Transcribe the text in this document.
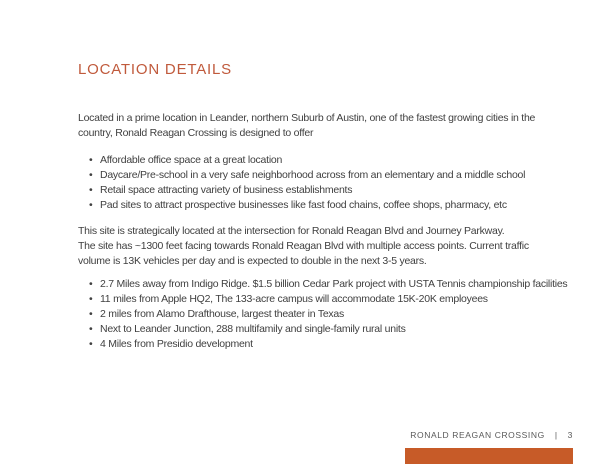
LOCATION DETAILS

Located in a prime location in Leander, northern Suburb of Austin, one of the fastest growing cities in the country, Ronald Reagan Crossing is designed to offer

• Affordable office space at a great location
• Daycare/Pre-school in a very safe neighborhood across from an elementary and a middle school
• Retail space attracting variety of business establishments
• Pad sites to attract prospective businesses like fast food chains, coffee shops, pharmacy, etc
This site is strategically located at the intersection for Ronald Reagan Blvd and Journey Parkway.
The site has ~1300 feet facing towards Ronald Reagan Blvd with multiple access points. Current traffic volume is 13K vehicles per day and is expected to double in the next 3-5 years.
• 2.7 Miles away from Indigo Ridge. $1.5 billion Cedar Park project with USTA Tennis championship facilities
• 11 miles from Apple HQ2, The 133-acre campus will accommodate 15K-20K employees
• 2 miles from Alamo Drafthouse, largest theater in Texas
• Next to Leander Junction, 288 multifamily and single-family rural units
• 4 Miles from Presidio development
RONALD REAGAN CROSSING | 3
